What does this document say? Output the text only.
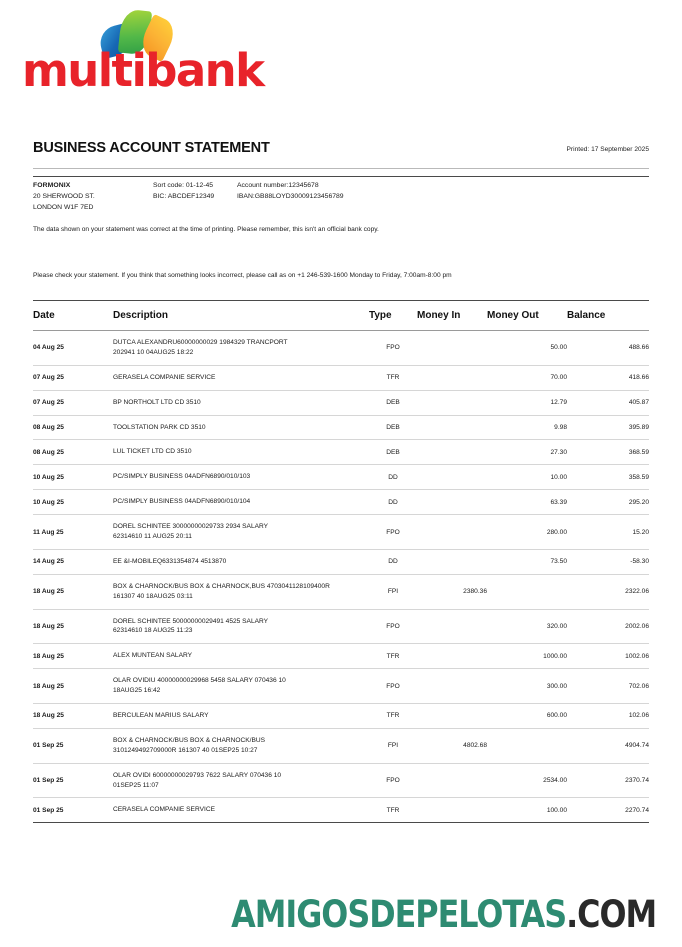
multibank
BUSINESS ACCOUNT STATEMENT	Printed: 17 September 2025
FORMONIX
20 SHERWOOD ST.
LONDON W1F 7ED
Sort code: 01-12-45	Account number:12345678
BIC: ABCDEF12349	IBAN:GB88LOYD30009123456789
The data shown on your statement was correct at the time of printing. Please remember, this isn't an official bank copy.
Please check your statement. If you think that something looks incorrect, please call as on +1 246-539-1600 Monday to Friday, 7:00am-8:00 pm
Date	Description	Type	Money In	Money Out	Balance
04 Aug 25	DUTCA ALEXANDRU60000000029 1984329 TRANCPORT
202941 10 04AUG25 18:22	FPO		50.00	488.66
07 Aug 25	GERASELA COMPANIE SERVICE	TFR		70.00	418.66
07 Aug 25	BP NORTHOLT LTD CD 3510	DEB		12.79	405.87
08 Aug 25	TOOLSTATION PARK CD 3510	DEB		9.98	395.89
08 Aug 25	LUL TICKET LTD CD 3510	DEB		27.30	368.59
10 Aug 25	PC/SIMPLY BUSINESS 04ADFN6890/010/103	DD		10.00	358.59
10 Aug 25	PC/SIMPLY BUSINESS 04ADFN6890/010/104	DD		63.39	295.20
11 Aug 25	DOREL SCHINTEE 30000000029733 2934 SALARY
62314610 11 AUG25 20:11	FPO		280.00	15.20
14 Aug 25	EE &I-MOBILEQ6331354874 4513870	DD		73.50	-58.30
18 Aug 25	BOX & CHARNOCK/BUS BOX & CHARNOCK,BUS 4703041128109400R
161307 40 18AUG25 03:11	FPI	2380.36		2322.06
18 Aug 25	DOREL SCHINTEE 50000000029491 4525 SALARY
62314610 18 AUG25 11:23	FPO		320.00	2002.06
18 Aug 25	ALEX MUNTEAN SALARY	TFR		1000.00	1002.06
18 Aug 25	OLAR OVIDIU 40000000029968 5458 SALARY 070436 10
18AUG25 16:42	FPO		300.00	702.06
18 Aug 25	BERCULEAN MARIUS SALARY	TFR		600.00	102.06
01 Sep 25	BOX & CHARNOCK/BUS BOX & CHARNOCK/BUS
3101249492709000R 161307 40 01SEP25 10:27	FPI	4802.68		4904.74
01 Sep 25	OLAR OVIDI 60000000029793 7622 SALARY 070436 10
01SEP25 11:07	FPO		2534.00	2370.74
01 Sep 25	CERASELA COMPANIE SERVICE	TFR		100.00	2270.74
AMIGOSDEPELOTAS.COM
